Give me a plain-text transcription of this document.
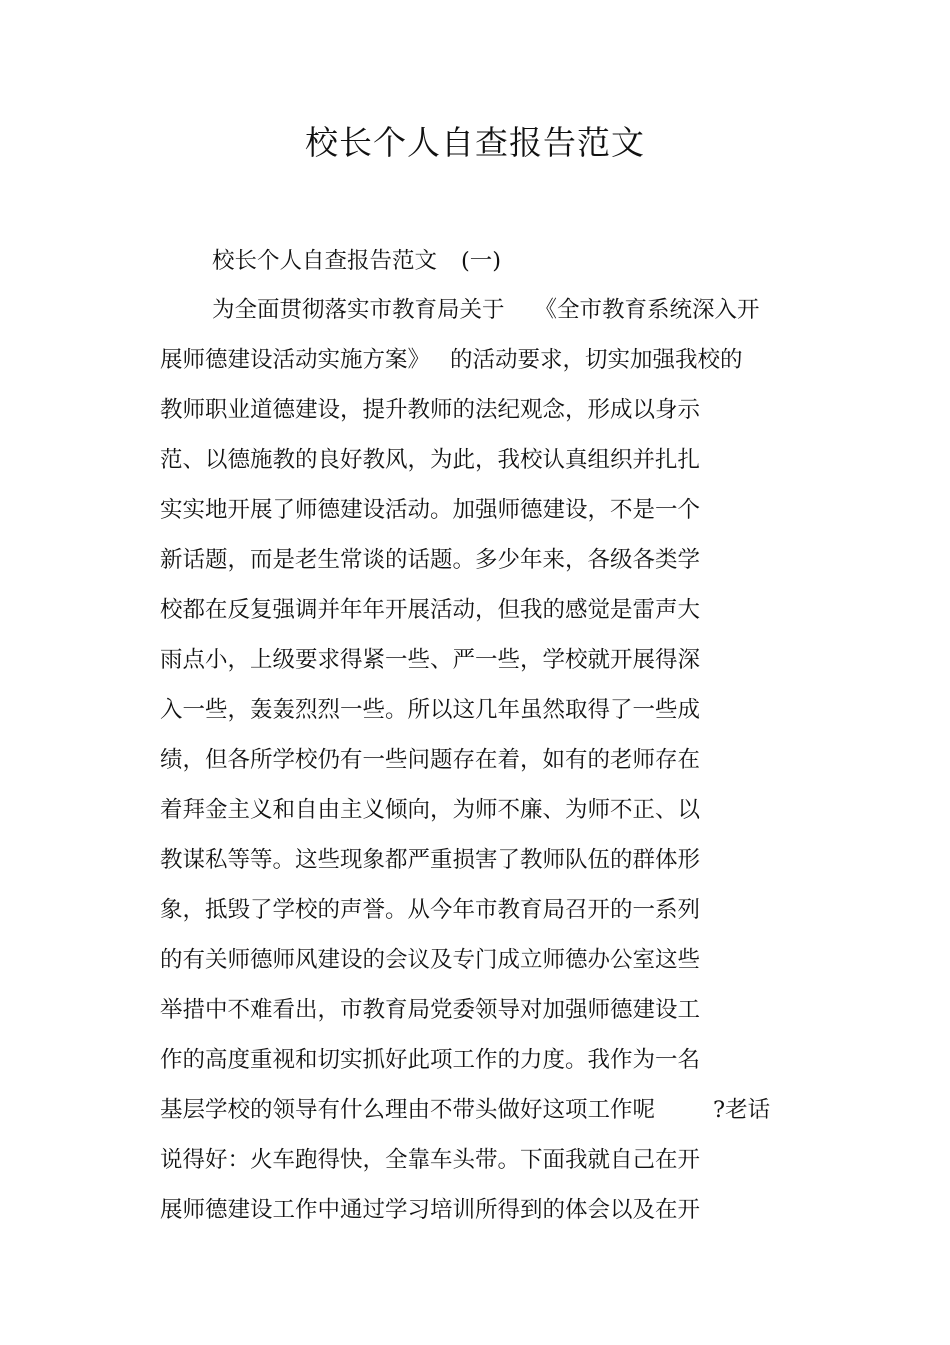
校长个人自查报告范文
校长个人自查报告范文 (一)
为全面贯彻落实市教育局关于 《全市教育系统深入开
展师德建设活动实施方案》 的活动要求，切实加强我校的
教师职业道德建设，提升教师的法纪观念，形成以身示
范、以德施教的良好教风，为此，我校认真组织并扎扎
实实地开展了师德建设活动。加强师德建设，不是一个
新话题，而是老生常谈的话题。多少年来，各级各类学
校都在反复强调并年年开展活动，但我的感觉是雷声大
雨点小，上级要求得紧一些、严一些，学校就开展得深
入一些，轰轰烈烈一些。所以这几年虽然取得了一些成
绩，但各所学校仍有一些问题存在着，如有的老师存在
着拜金主义和自由主义倾向，为师不廉、为师不正、以
教谋私等等。这些现象都严重损害了教师队伍的群体形
象，抵毁了学校的声誉。从今年市教育局召开的一系列
的有关师德师风建设的会议及专门成立师德办公室这些
举措中不难看出，市教育局党委领导对加强师德建设工
作的高度重视和切实抓好此项工作的力度。我作为一名
基层学校的领导有什么理由不带头做好这项工作呢	?老话
说得好：火车跑得快，全靠车头带。下面我就自己在开
展师德建设工作中通过学习培训所得到的体会以及在开
